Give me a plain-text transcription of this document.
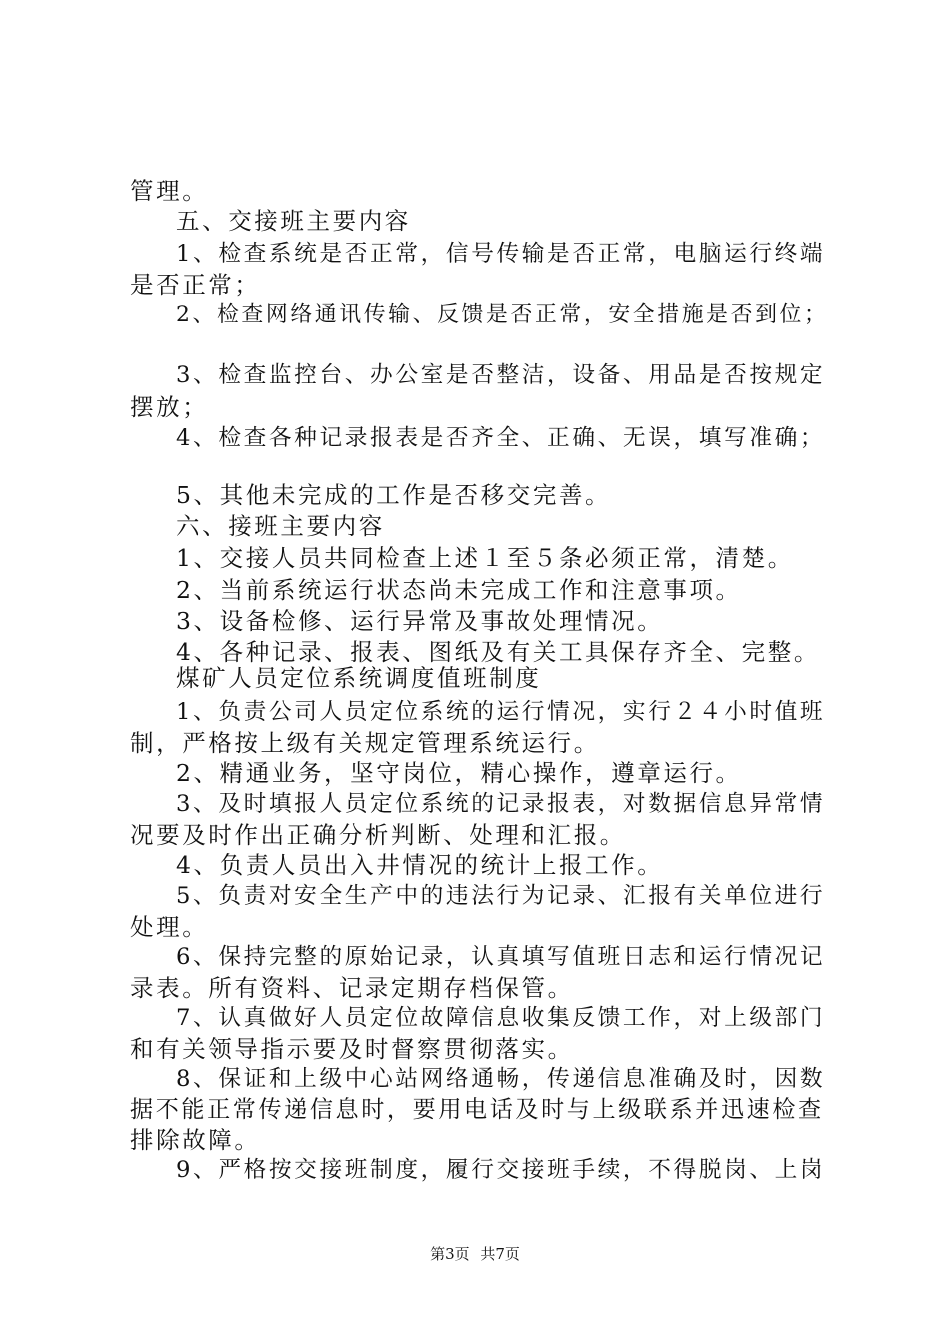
管理。
五、交接班主要内容
1、检查系统是否正常，信号传输是否正常，电脑运行终端
是否正常；
2、检查网络通讯传输、反馈是否正常，安全措施是否到位；
3、检查监控台、办公室是否整洁，设备、用品是否按规定
摆放；
4、检查各种记录报表是否齐全、正确、无误，填写准确；
5、其他未完成的工作是否移交完善。
六、接班主要内容
1、交接人员共同检查上述１至５条必须正常，清楚。
2、当前系统运行状态尚未完成工作和注意事项。
3、设备检修、运行异常及事故处理情况。
4、各种记录、报表、图纸及有关工具保存齐全、完整。
煤矿人员定位系统调度值班制度
1、负责公司人员定位系统的运行情况，实行２４小时值班
制，严格按上级有关规定管理系统运行。
2、精通业务，坚守岗位，精心操作，遵章运行。
3、及时填报人员定位系统的记录报表，对数据信息异常情
况要及时作出正确分析判断、处理和汇报。
4、负责人员出入井情况的统计上报工作。
5、负责对安全生产中的违法行为记录、汇报有关单位进行
处理。
6、保持完整的原始记录，认真填写值班日志和运行情况记
录表。所有资料、记录定期存档保管。
7、认真做好人员定位故障信息收集反馈工作，对上级部门
和有关领导指示要及时督察贯彻落实。
8、保证和上级中心站网络通畅，传递信息准确及时，因数
据不能正常传递信息时，要用电话及时与上级联系并迅速检查
排除故障。
9、严格按交接班制度，履行交接班手续，不得脱岗、上岗
第3页 共7页
